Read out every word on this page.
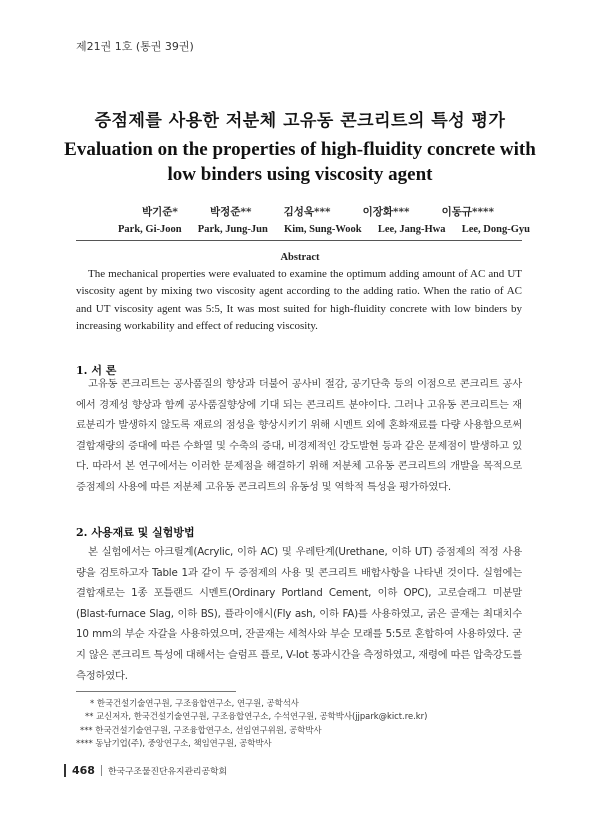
제21권 1호 (통권 39권)
증점제를 사용한 저분체 고유동 콘크리트의 특성 평가
Evaluation on the properties of high-fluidity concrete with low binders using viscosity agent
박기준*	박정준**	김성욱***	이장화***	이동규****
Park, Gi-Joon Park, Jung-Jun Kim, Sung-Wook Lee, Jang-Hwa Lee, Dong-Gyu
Abstract
The mechanical properties were evaluated to examine the optimum adding amount of AC and UT viscosity agent by mixing two viscosity agent according to the adding ratio. When the ratio of AC and UT viscosity agent was 5:5, It was most suited for high-fluidity concrete with low binders by increasing workability and effect of reducing viscosity.
1. 서 론
고유동 콘크리트는 공사품질의 향상과 더불어 공사비 절감, 공기단축 등의 이점으로 콘크리트 공사에서 경제성 향상과 함께 공사품질향상에 기대 되는 콘크리트 분야이다. 그러나 고유동 콘크리트는 재료분리가 발생하지 않도록 재료의 점성을 향상시키기 위해 시멘트 외에 혼화재료를 다량 사용함으로써 결합재량의 증대에 따른 수화열 및 수축의 증대, 비경제적인 강도발현 등과 같은 문제점이 발생하고 있다. 따라서 본 연구에서는 이러한 문제점을 해결하기 위해 저분체 고유동 콘크리트의 개발을 목적으로 증점제의 사용에 따른 저분체 고유동 콘크리트의 유동성 및 역학적 특성을 평가하였다.
2. 사용재료 및 실험방법
본 실험에서는 아크릴계(Acrylic, 이하 AC) 및 우레탄계(Urethane, 이하 UT) 증점제의 적정 사용량을 검토하고자 Table 1과 같이 두 증점제의 사용 및 콘크리트 배합사항을 나타낸 것이다. 실험에는 결합재로는 1종 포틀랜드 시멘트(Ordinary Portland Cement, 이하 OPC), 고로슬래그 미분말(Blast-furnace Slag, 이하 BS), 플라이애시(Fly ash, 이하 FA)를 사용하였고, 굵은 골재는 최대치수 10 mm의 부순 자갈을 사용하였으며, 잔골재는 세척사와 부순 모래를 5:5로 혼합하여 사용하였다. 굳지 않은 콘크리트 특성에 대해서는 슬럼프 플로, V-lot 통과시간을 측정하였고, 재령에 따른 압축강도를 측정하였다.
* 한국건설기술연구원, 구조융합연구소, 연구원, 공학석사
** 교신저자, 한국건설기술연구원, 구조융합연구소, 수석연구원, 공학박사(jjpark@kict.re.kr)
*** 한국건설기술연구원, 구조융합연구소, 선임연구위원, 공학박사
**** 동남기업(주), 중앙연구소, 책임연구원, 공학박사
468 한국구조물진단유지관리공학회
